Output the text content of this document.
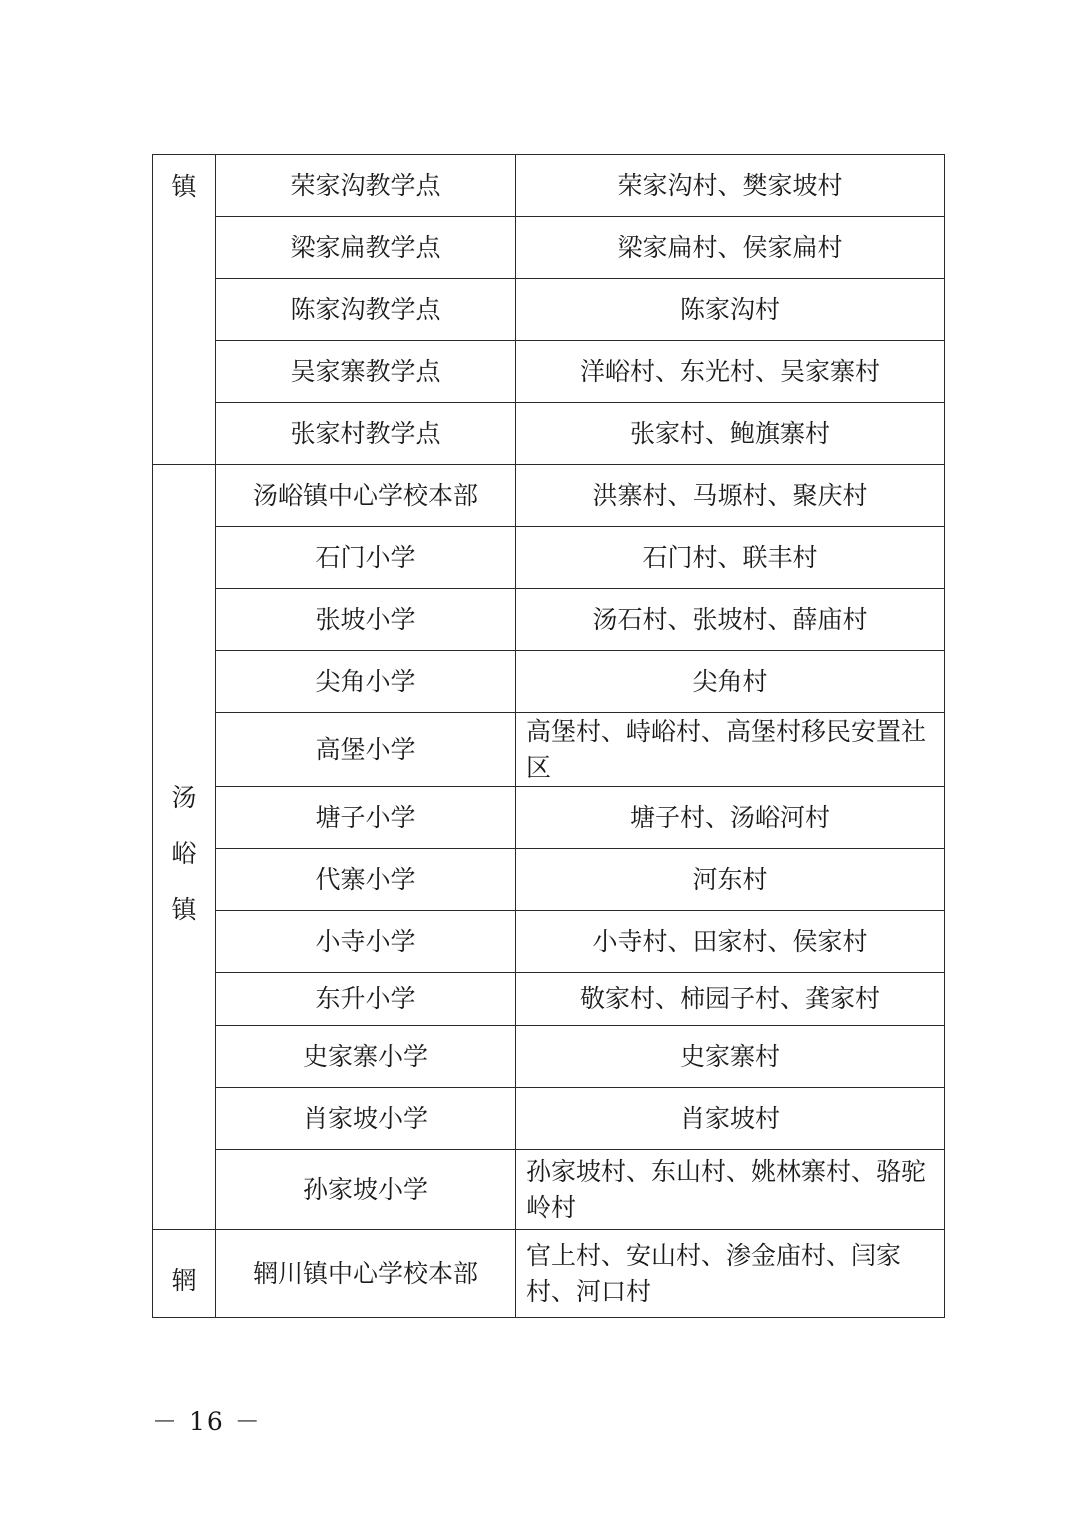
镇	荣家沟教学点	荣家沟村、樊家坡村
	梁家扁教学点	梁家扁村、侯家扁村
	陈家沟教学点	陈家沟村
	吴家寨教学点	洋峪村、东光村、吴家寨村
	张家村教学点	张家村、鲍旗寨村
汤峪镇	汤峪镇中心学校本部	洪寨村、马塬村、聚庆村
	石门小学	石门村、联丰村
	张坡小学	汤石村、张坡村、薛庙村
	尖角小学	尖角村
	高堡小学	高堡村、峙峪村、高堡村移民安置社区
	塘子小学	塘子村、汤峪河村
	代寨小学	河东村
	小寺小学	小寺村、田家村、侯家村
	东升小学	敬家村、柿园子村、龚家村
	史家寨小学	史家寨村
	肖家坡小学	肖家坡村
	孙家坡小学	孙家坡村、东山村、姚林寨村、骆驼岭村
辋	辋川镇中心学校本部	官上村、安山村、渗金庙村、闫家村、河口村
－ 16 －
